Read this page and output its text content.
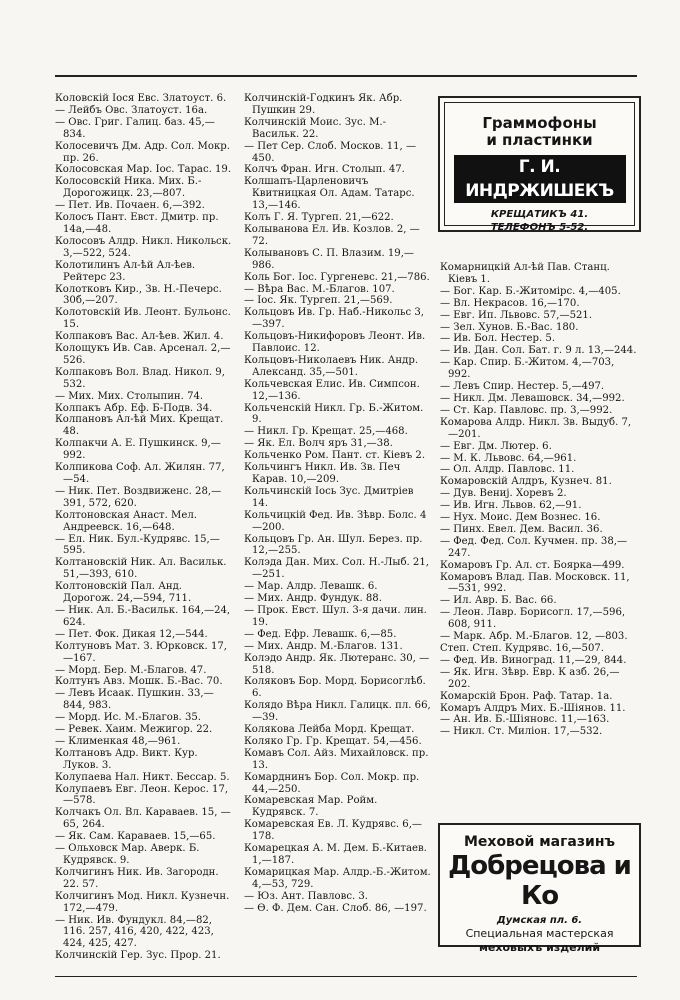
Коловскій Іося Евс. Златоуст. 6.
— Лейбъ Овс. Златоуст. 16а.
— Овс. Григ. Галиц. баз. 45,—834.
Колосевичъ Дм. Адр. Сол. Мокр. пр. 26.
Колосовская Мар. Іос. Тарас. 19.
Колосовскій Ника. Мих. Б.-Дорогожицк. 23,—807.
— Пет. Ив. Почаен. 6,—392.
Колосъ Пант. Евст. Дмитр. пр. 14а,—48.
Колосовъ Алдр. Никл. Никольск. 3,—522, 524.
Колотилинъ Ал-ѣй Ал-ѣев. Рейтерс 23.
Колотковъ Кир., Зв. Н.-Печерс. 30б,—207.
Колотовскій Ив. Леонт. Бульонс. 15.
Колпаковъ Вас. Ал-ѣев. Жил. 4.
Колощукъ Ив. Сав. Арсенал. 2,—526.
Колпаковъ Вол. Влад. Никол. 9, 532.
— Мих. Мих. Столыпин. 74.
Колпакъ Абр. Еф. Б-Подв. 34.
Колпановъ Ал-ѣй Мих. Крещат. 48.
Колпакчи А. Е. Пушкинск. 9,—992.
Колпикова Соф. Ал. Жилян. 77, —54.
— Ник. Пет. Воздвиженс. 28,—391, 572, 620.
Колтоновская Анаст. Мел. Андреевск. 16,—648.
— Ел. Ник. Бул.-Кудрявс. 15,—595.
Колтановскій Ник. Ал. Васильк. 51,—393, 610.
Колтоновскій Пал. Анд. Дорогож. 24,—594, 711.
— Ник. Ал. Б.-Васильк. 164,—24, 624.
— Пет. Фок. Дикая 12,—544.
Колтуновъ Мат. З. Юрковск. 17, —167.
— Морд. Бер. М.-Благов. 47.
Колтунъ Авз. Мошк. Б.-Вас. 70.
— Левъ Исаак. Пушкин. 33,—844, 983.
— Морд. Ис. М.-Благов. 35.
— Ревек. Хаим. Межигор. 22.
— Клименкая 48,—961.
Колтановъ Адр. Викт. Кур. Луков. 3.
Колупаева Нал. Никт. Бессар. 5.
Колупаевъ Евг. Леон. Керос. 17, —578.
Колчакъ Ол. Вл. Караваев. 15, —65, 264.
— Як. Сам. Караваев. 15,—65.
— Ольховск Мар. Аверк. Б. Кудрявск. 9.
Колчигинъ Ник. Ив. Загородн. 22. 57.
Колчигинъ Мод. Никл. Кузнечн. 172,—479.
— Ник. Ив. Фундукл. 84,—82, 116. 257, 416, 420, 422, 423, 424, 425, 427.
Колчинскій Гер. Зус. Прор. 21.
Колчинскій-Годкинъ Як. Абр. Пушкин 29.
Колчинскій Моис. Зус. М.-Васильк. 22.
— Пет Сер. Слоб. Москов. 11, —450.
Колчъ Фран. Игн. Столып. 47.
Колшапъ-Царленовичъ Квитницкая Ол. Адам. Татарс. 13,—146.
Колъ Г. Я. Тургеп. 21,—622.
Колыванова Ел. Ив. Козлов. 2, —72.
Колывановъ С. П. Влазим. 19,—986.
Коль Бог. Іос. Гургеневс. 21,—786.
— Вѣра Вас. М.-Благов. 107.
— Іос. Як. Тургеп. 21,—569.
Кольцовъ Ив. Гр. Наб.-Никольс 3,—397.
Кольцовъ-Никифоровъ Леонт. Ив. Павлоис. 12.
Кольцовъ-Николаевъ Ник. Андр. Александ. 35,—501.
Кольчевская Елис. Ив. Симпсон. 12,—136.
Кольченскій Никл. Гр. Б.-Житом. 9.
— Никл. Гр. Крещат. 25,—468.
— Як. Ел. Волч яръ 31,—38.
Кольченко Ром. Пант. ст. Кіевъ 2.
Кольчингъ Никл. Ив. Зв. Печ Карав. 10,—209.
Кольчинскій Іось Зус. Дмитріев 14.
Кольчицкій Фед. Ив. Зѣвр. Болс. 4 —200.
Кольцовъ Гр. Ан. Шул. Берез. пр. 12,—255.
Колэда Дан. Мих. Сол. Н.-Лыб. 21,—251.
— Мар. Алдр. Левашк. 6.
— Мих. Андр. Фундук. 88.
— Прок. Евст. Шул. 3-я дачи. лин. 19.
— Фед. Ефр. Левашк. 6,—85.
— Мих. Андр. М.-Благов. 131.
Колэдо Андр. Як. Лютеранс. 30, —518.
Коляковъ Бор. Морд. Борисоглѣб. 6.
Колядо Вѣра Никл. Галицк. пл. 66,—39.
Колякова Лейба Морд. Крещат.
Колякo Гр. Гр. Крещат. 54,—456.
Комавъ Сол. Айз. Михайловск. пр. 13.
Комарднинъ Бор. Сол. Мокр. пр. 44,—250.
Комаревская Мар. Ройм. Кудрявск. 7.
Комаревская Ев. Л. Кудрявс. 6,—178.
Комарецкая А. М. Дем. Б.-Китаев. 1,—187.
Комарицкая Мар. Алдр.-Б.-Житом. 4,—53, 729.
— Юз. Ант. Павловс. 3.
— Ѳ. Ф. Дем. Сан. Слоб. 86, —197.
Комарницкій Ал-ѣй Пав. Станц. Кіевъ 1.
— Бог. Кар. Б.-Житомірс. 4,—405.
— Вл. Некрасов. 16,—170.
— Евг. Ип. Львовс. 57,—521.
— Зел. Хунов. Б.-Вас. 180.
— Ив. Бол. Нестер. 5.
— Ив. Дан. Сол. Бат. г. 9 л. 13,—244.
— Кар. Спир. Б.-Житом. 4,—703, 992.
— Левъ Спир. Нестер. 5,—497.
— Никл. Дм. Левашовск. 34,—992.
— Ст. Кар. Павловс. пр. 3,—992.
Комарова Алдр. Никл. Зв. Выдуб. 7,—201.
— Евг. Дм. Лютер. 6.
— М. К. Львовс. 64,—961.
— Ол. Алдр. Павловс. 11.
Комаровскій Алдръ, Кузнеч. 81.
— Дув. Вениј. Хоревъ 2.
— Ив. Игн. Львов. 62,—91.
— Нух. Моис. Дем Вознес. 16.
— Пинх. Евел. Дем. Васил. 36.
— Фед. Фед. Сол. Кучмен. пр. 38,—247.
Комаровъ Гр. Ал. ст. Боярка—499.
Комаровъ Влад. Пав. Московск. 11,—531, 992.
— Ил. Авр. Б. Вас. 66.
— Леон. Лавр. Борисогл. 17,—596, 608, 911.
— Марк. Абр. М.-Благов. 12, —803.
Степ. Степ. Кудрявс. 16,—507.
— Фед. Ив. Виноград. 11,—29, 844.
— Як. Игн. Зѣвр. Евр. К азб. 26,—202.
Комарскій Брон. Раф. Татар. 1а.
Комаръ Алдръ Мих. Б.-Шіянов. 11.
— Ан. Ив. Б.-Шіяновс. 11,—163.
— Никл. Ст. Миліон. 17,—532.
Граммофоны
и пластинки
Г. И. ИНДРЖИШЕКЪ
КРЕЩАТИКЪ 41.
ТЕЛЕФОНЪ 5-52.
Меховой магазинъ
Добрецова и Ко
Думская пл. 6.
Специальная мастерская
меховыхъ изделий
